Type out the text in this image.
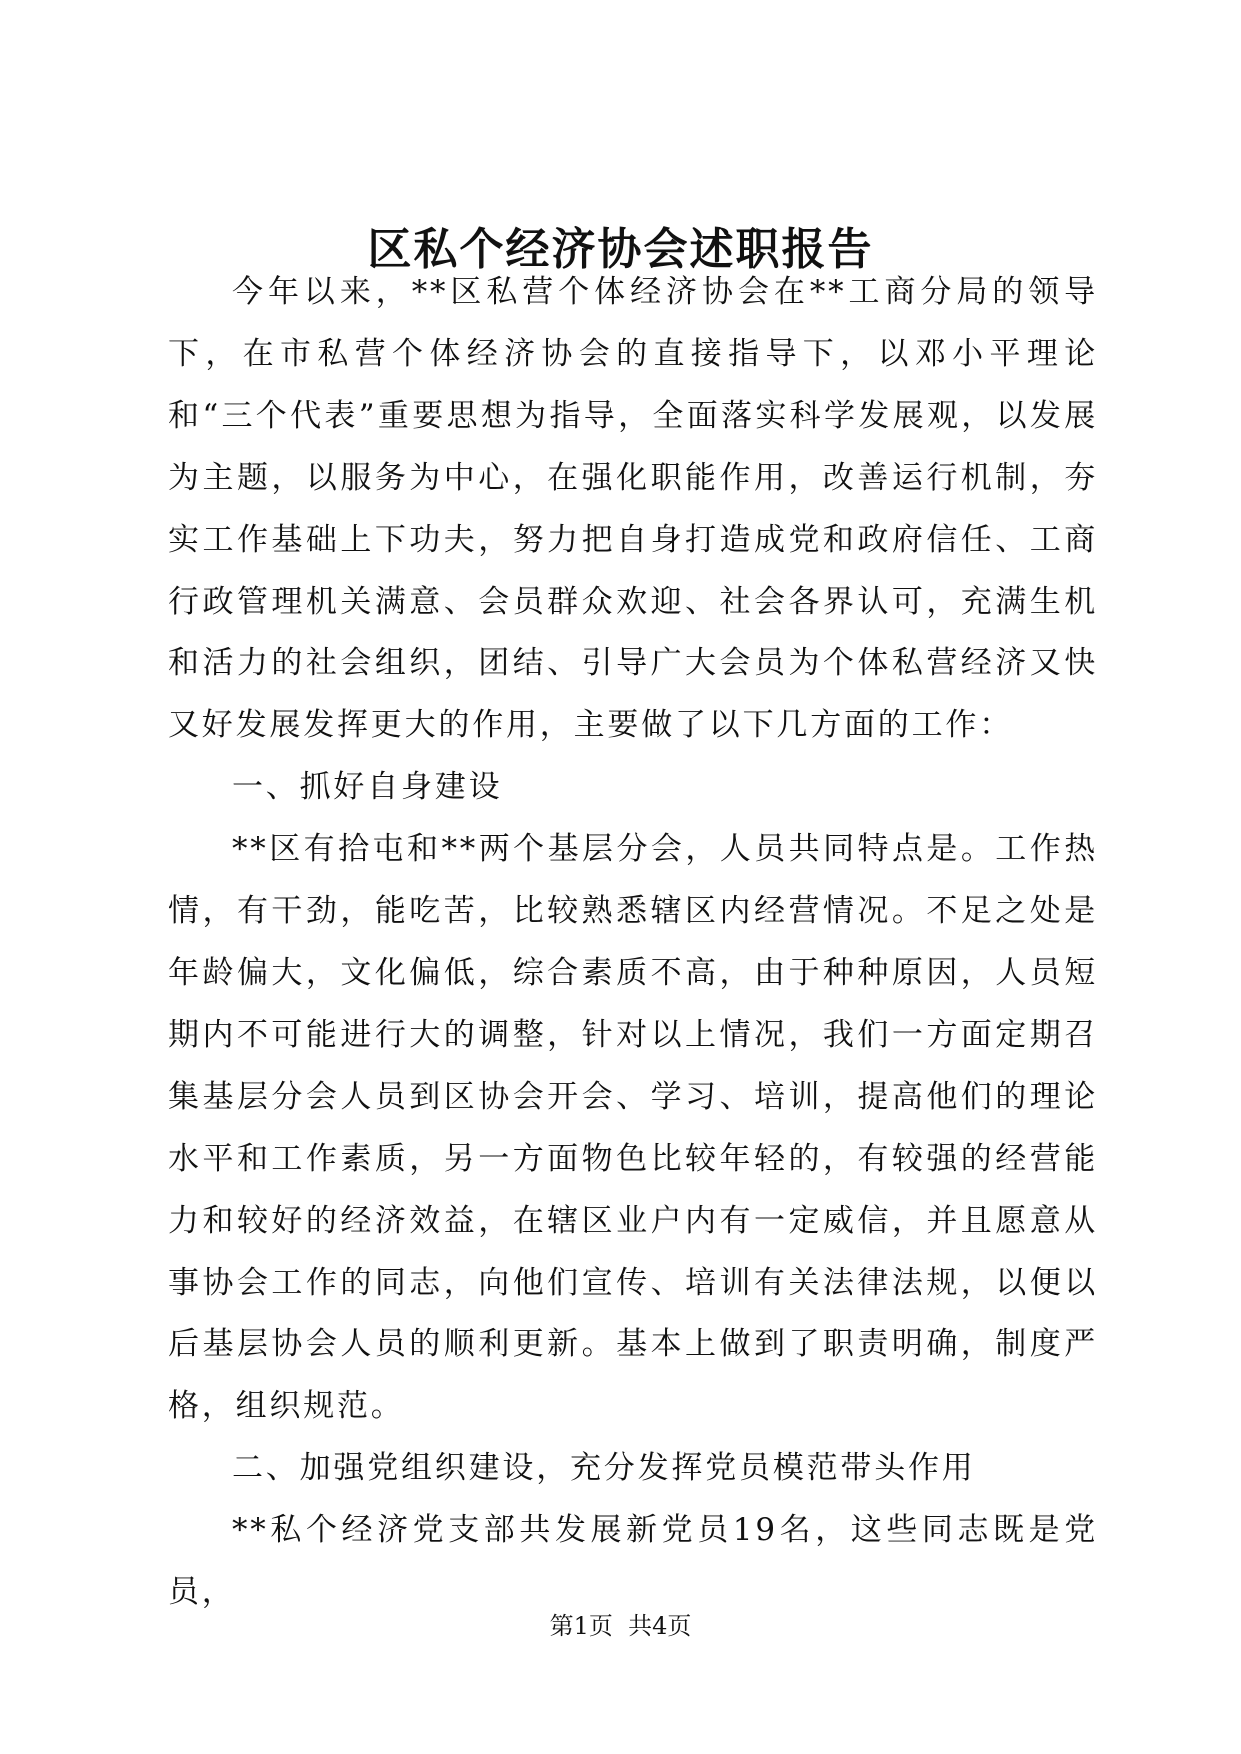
区私个经济协会述职报告

今年以来，**区私营个体经济协会在**工商分局的领导下，在市私营个体经济协会的直接指导下，以邓小平理论和“三个代表”重要思想为指导，全面落实科学发展观，以发展为主题，以服务为中心，在强化职能作用，改善运行机制，夯实工作基础上下功夫，努力把自身打造成党和政府信任、工商行政管理机关满意、会员群众欢迎、社会各界认可，充满生机和活力的社会组织，团结、引导广大会员为个体私营经济又快又好发展发挥更大的作用，主要做了以下几方面的工作：

一、抓好自身建设

**区有拾屯和**两个基层分会，人员共同特点是。工作热情，有干劲，能吃苦，比较熟悉辖区内经营情况。不足之处是年龄偏大，文化偏低，综合素质不高，由于种种原因，人员短期内不可能进行大的调整，针对以上情况，我们一方面定期召集基层分会人员到区协会开会、学习、培训，提高他们的理论水平和工作素质，另一方面物色比较年轻的，有较强的经营能力和较好的经济效益，在辖区业户内有一定威信，并且愿意从事协会工作的同志，向他们宣传、培训有关法律法规，以便以后基层协会人员的顺利更新。基本上做到了职责明确，制度严格，组织规范。

二、加强党组织建设，充分发挥党员模范带头作用

**私个经济党支部共发展新党员19名，这些同志既是党员，

第1页  共4页
